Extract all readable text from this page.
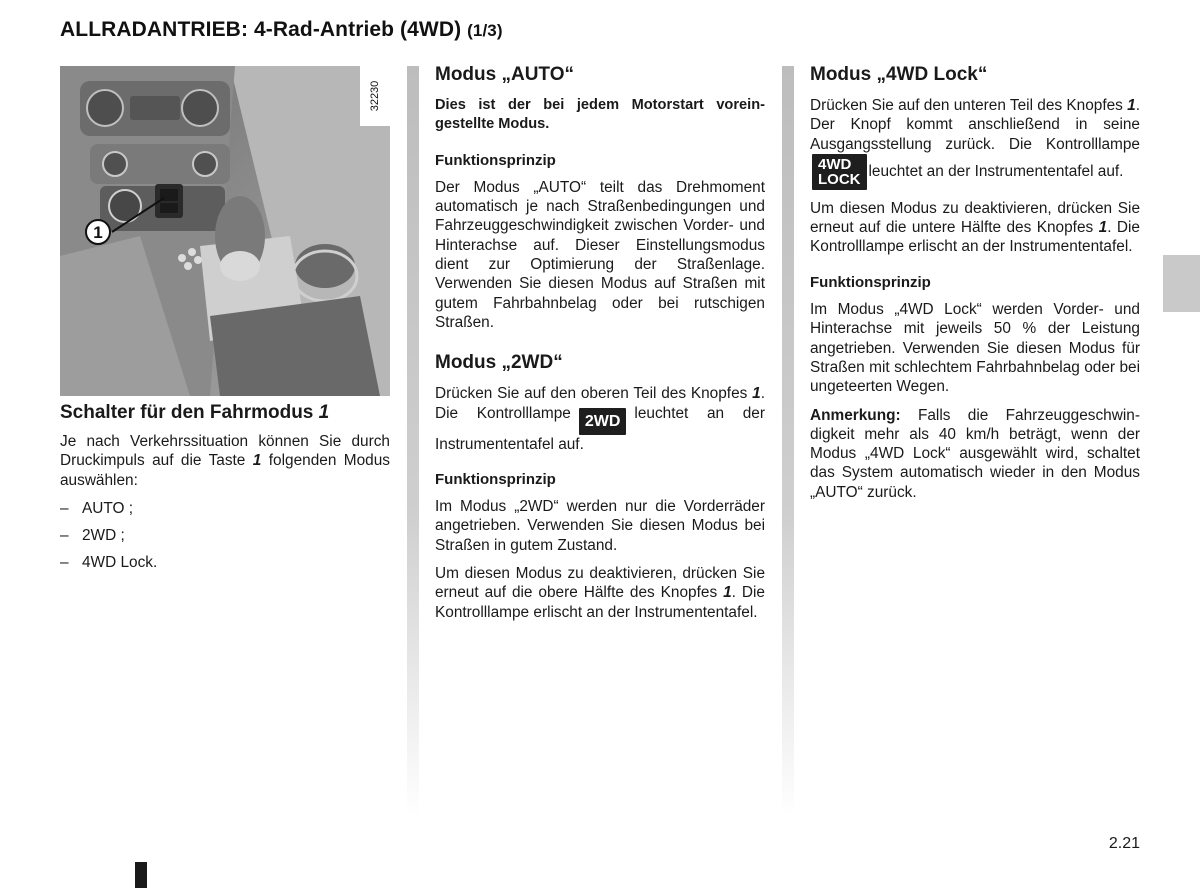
ALLRADANTRIEB: 4-Rad-Antrieb (4WD) (1/3)
32230
1
Schalter für den Fahrmodus 1

Je nach Verkehrssituation können Sie durch Druckimpuls auf die Taste 1 folgenden Modus auswählen:

– AUTO ;
– 2WD ;
– 4WD Lock.
Modus „AUTO“

Dies ist der bei jedem Motorstart voreingestellte Modus.

Funktionsprinzip

Der Modus „AUTO“ teilt das Drehmoment automatisch je nach Straßenbedingungen und Fahrzeuggeschwindigkeit zwischen Vorder- und Hinterachse auf. Dieser Einstellungsmodus dient zur Optimierung der Straßenlage. Verwenden Sie diesen Modus auf Straßen mit gutem Fahrbahnbelag oder bei rutschigen Straßen.

Modus „2WD“

Drücken Sie auf den oberen Teil des Knopfes 1. Die Kontrolllampe 2WD leuchtet an der Instrumententafel auf.

Funktionsprinzip

Im Modus „2WD“ werden nur die Vorderräder angetrieben. Verwenden Sie diesen Modus bei Straßen in gutem Zustand.

Um diesen Modus zu deaktivieren, drücken Sie erneut auf die obere Hälfte des Knopfes 1. Die Kontrolllampe erlischt an der Instrumententafel.

Modus „4WD Lock“

Drücken Sie auf den unteren Teil des Knopfes 1. Der Knopf kommt anschließend in seine Ausgangsstellung zurück. Die Kontrolllampe4WD
LOCK leuchtet an der Instrumententafel auf.

Um diesen Modus zu deaktivieren, drücken Sie erneut auf die untere Hälfte des Knopfes 1. Die Kontrolllampe erlischt an der Instrumententafel.

Funktionsprinzip

Im Modus „4WD Lock“ werden Vorder- und Hinterachse mit jeweils 50 % der Leistung angetrieben. Verwenden Sie diesen Modus für Straßen mit schlechtem Fahrbahnbelag oder bei ungeteerten Wegen.

Anmerkung: Falls die Fahrzeuggeschwindigkeit mehr als 40 km/h beträgt, wenn der Modus „4WD Lock“ ausgewählt wird, schaltet das System automatisch wieder in den Modus „AUTO“ zurück.

2.21
